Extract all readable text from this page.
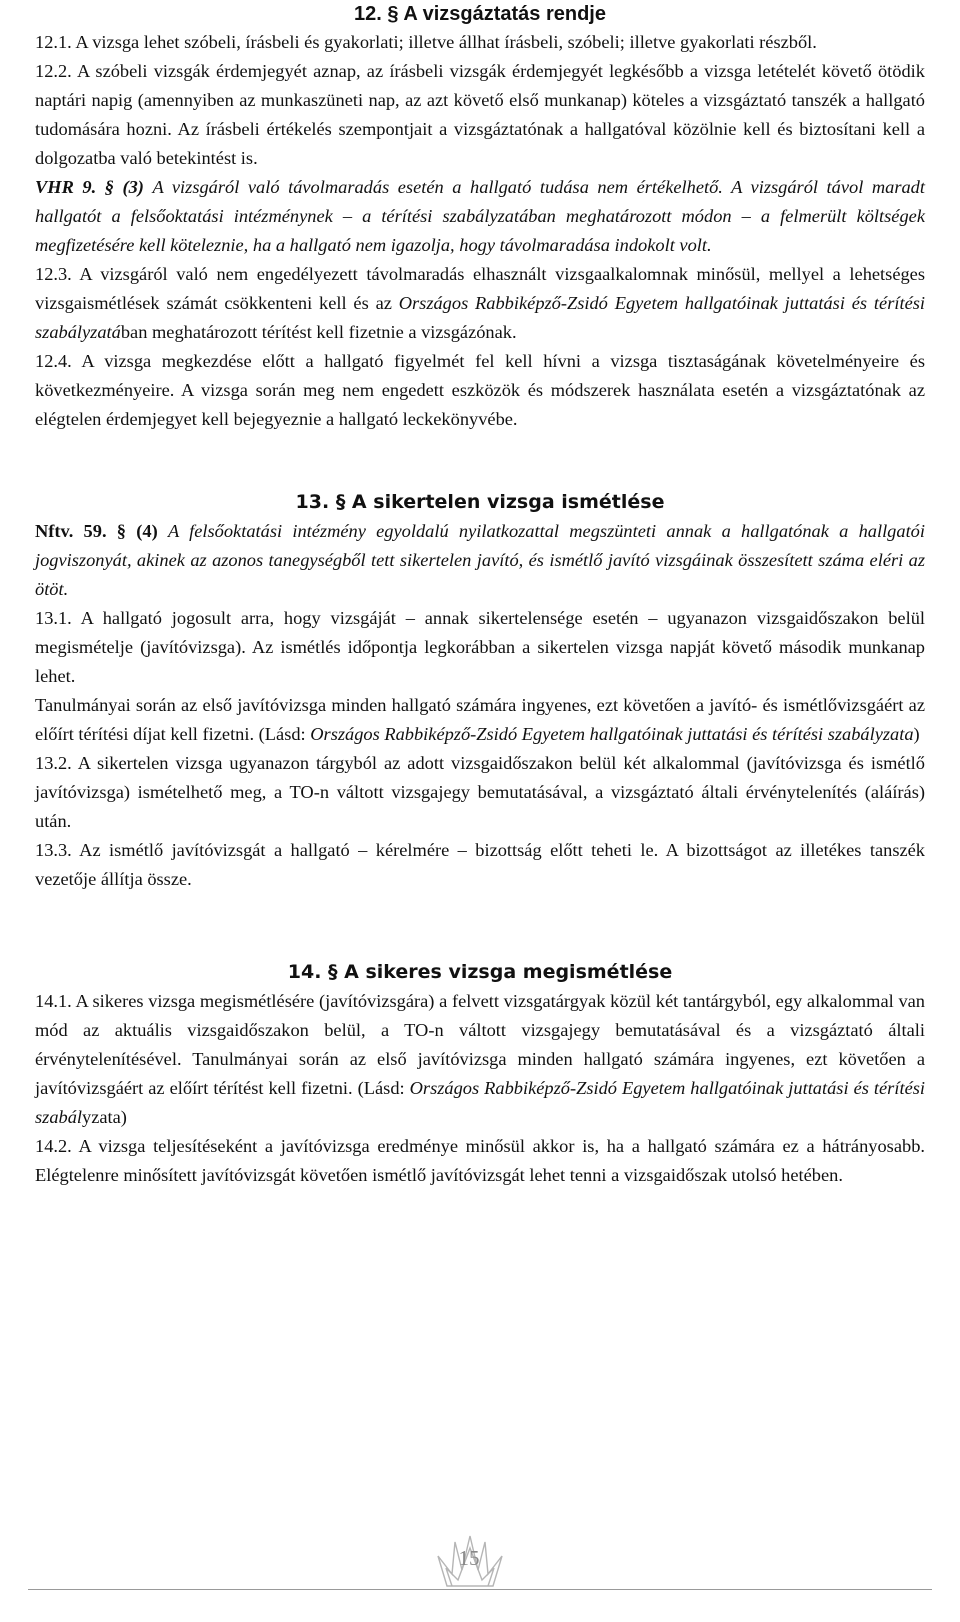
12. § A vizsgáztatás rendje

12.1. A vizsga lehet szóbeli, írásbeli és gyakorlati; illetve állhat írásbeli, szóbeli; illetve gyakorlati részből.

12.2. A szóbeli vizsgák érdemjegyét aznap, az írásbeli vizsgák érdemjegyét legkésőbb a vizsga letételét követő ötödik naptári napig (amennyiben az munkaszüneti nap, az azt követő első munkanap) köteles a vizsgáztató tanszék a hallgató tudomására hozni. Az írásbeli értékelés szempontjait a vizsgáztatónak a hallgatóval közölnie kell és biztosítani kell a dolgozatba való betekintést is.

VHR 9. § (3) A vizsgáról való távolmaradás esetén a hallgató tudása nem értékelhető. A vizsgáról távol maradt hallgatót a felsőoktatási intézménynek – a térítési szabályzatában meghatározott módon – a felmerült költségek megfizetésére kell köteleznie, ha a hallgató nem igazolja, hogy távolmaradása indokolt volt.

12.3. A vizsgáról való nem engedélyezett távolmaradás elhasznált vizsgaalkalomnak minősül, mellyel a lehetséges vizsgaismétlések számát csökkenteni kell és az Országos Rabbiképző-Zsidó Egyetem hallgatóinak juttatási és térítési szabályzatában meghatározott térítést kell fizetnie a vizsgázónak.

12.4. A vizsga megkezdése előtt a hallgató figyelmét fel kell hívni a vizsga tisztaságának követelményeire és következményeire. A vizsga során meg nem engedett eszközök és módszerek használata esetén a vizsgáztatónak az elégtelen érdemjegyet kell bejegyeznie a hallgató leckekönyvébe.

13. § A sikertelen vizsga ismétlése

Nftv. 59. § (4) A felsőoktatási intézmény egyoldalú nyilatkozattal megszünteti annak a hallgatónak a hallgatói jogviszonyát, akinek az azonos tanegységből tett sikertelen javító, és ismétlő javító vizsgáinak összesített száma eléri az ötöt.

13.1. A hallgató jogosult arra, hogy vizsgáját – annak sikertelensége esetén – ugyanazon vizsgaidőszakon belül megismételje (javítóvizsga). Az ismétlés időpontja legkorábban a sikertelen vizsga napját követő második munkanap lehet.

Tanulmányai során az első javítóvizsga minden hallgató számára ingyenes, ezt követően a javító- és ismétlővizsgáért az előírt térítési díjat kell fizetni. (Lásd: Országos Rabbiképző-Zsidó Egyetem hallgatóinak juttatási és térítési szabályzata)

13.2. A sikertelen vizsga ugyanazon tárgyból az adott vizsgaidőszakon belül két alkalommal (javítóvizsga és ismétlő javítóvizsga) ismételhető meg, a TO-n váltott vizsgajegy bemutatásával, a vizsgáztató általi érvénytelenítés (aláírás) után.

13.3. Az ismétlő javítóvizsgát a hallgató – kérelmére – bizottság előtt teheti le. A bizottságot az illetékes tanszék vezetője állítja össze.

14. § A sikeres vizsga megismétlése

14.1. A sikeres vizsga megismétlésére (javítóvizsgára) a felvett vizsgatárgyak közül két tantárgyból, egy alkalommal van mód az aktuális vizsgaidőszakon belül, a TO-n váltott vizsgajegy bemutatásával és a vizsgáztató általi érvénytelenítésével. Tanulmányai során az első javítóvizsga minden hallgató számára ingyenes, ezt követően a javítóvizsgáért az előírt térítést kell fizetni. (Lásd: Országos Rabbiképző-Zsidó Egyetem hallgatóinak juttatási és térítési szabályzata)

14.2. A vizsga teljesítéseként a javítóvizsga eredménye minősül akkor is, ha a hallgató számára ez a hátrányosabb. Elégtelenre minősített javítóvizsgát követően ismétlő javítóvizsgát lehet tenni a vizsgaidőszak utolsó hetében.

15
